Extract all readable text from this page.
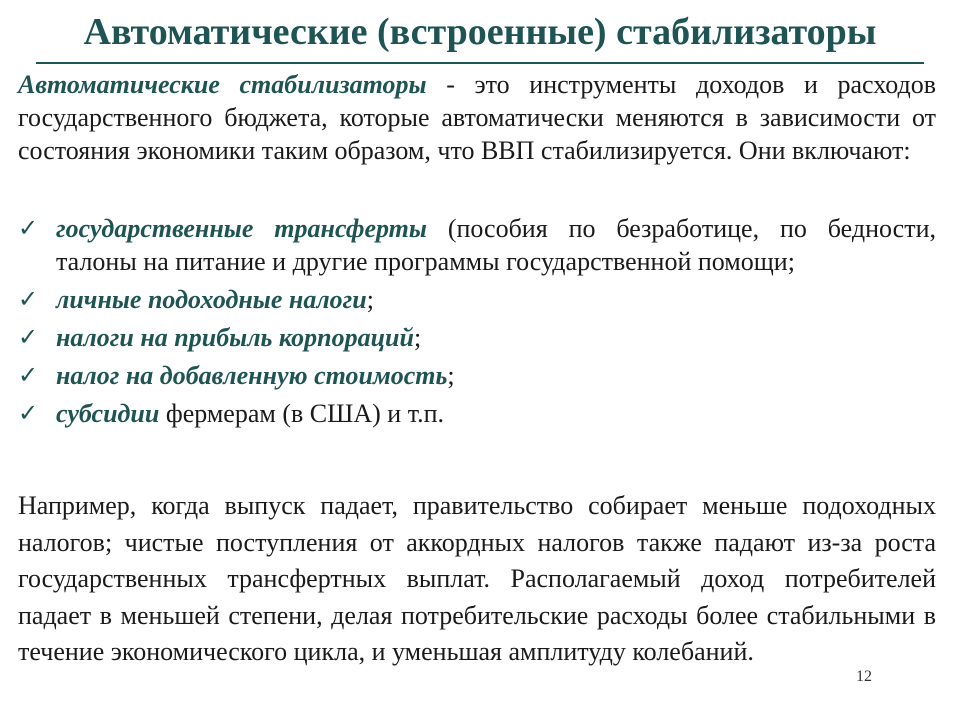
Автоматические (встроенные) стабилизаторы

Автоматические стабилизаторы - это инструменты доходов и расходов государственного бюджета, которые автоматически меняются в зависимости от состояния экономики таким образом, что ВВП стабилизируется. Они включают:

✓ государственные трансферты (пособия по безработице, по бедности, талоны на питание и другие программы государственной помощи;
✓ личные подоходные налоги;
✓ налоги на прибыль корпораций;
✓ налог на добавленную стоимость;
✓ субсидии фермерам (в США) и т.п.

Например, когда выпуск падает, правительство собирает меньше подоходных налогов; чистые поступления от аккордных налогов также падают из-за роста государственных трансфертных выплат. Располагаемый доход потребителей падает в меньшей степени, делая потребительские расходы более стабильными в течение экономического цикла, и уменьшая амплитуду колебаний.

12
